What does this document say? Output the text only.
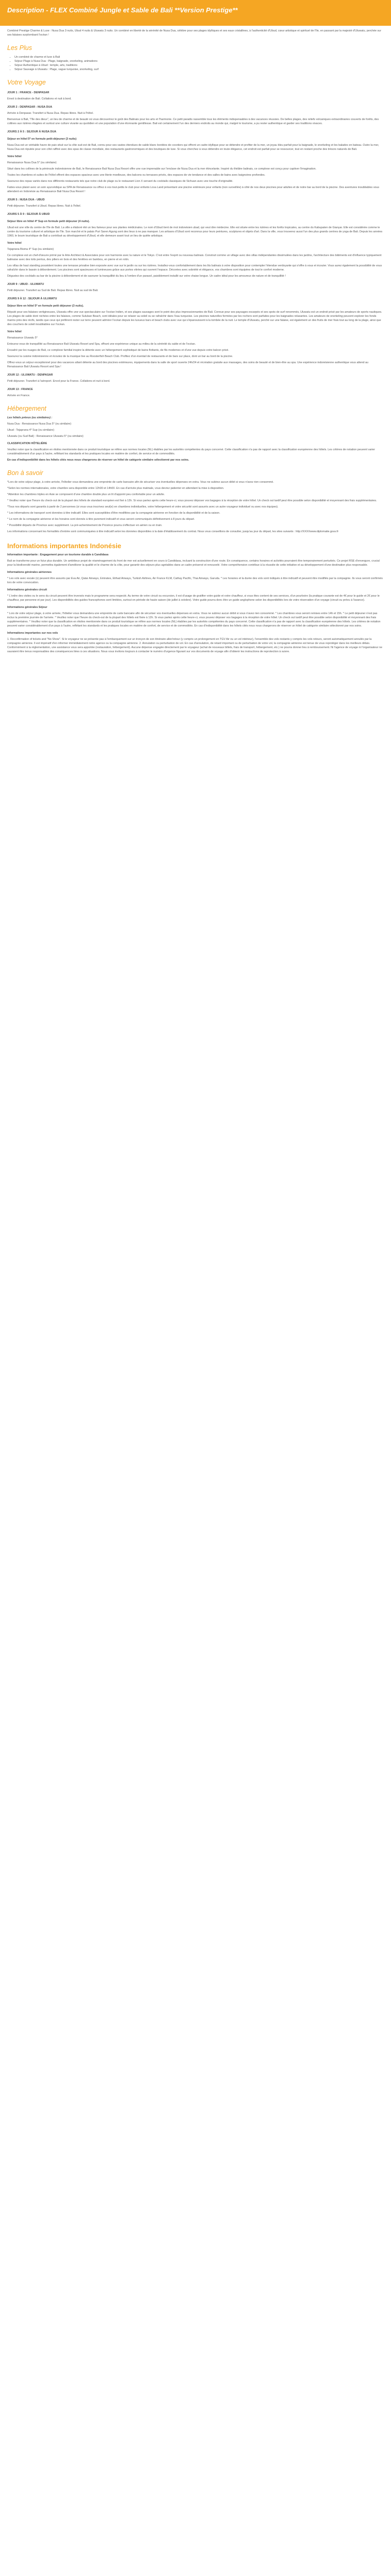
Description - FLEX Combiné Jungle et Sable de Bali **Version Prestige**

Combiné Prestige Charme & Luxe : Nusa Dua 3 nuits, Ubud 4 nuits & Uluwatu 3 nuits. Un combiné en liberté de la sérénité de Nusa Dua, célèbre pour ses plages idylliques et ses eaux cristallines, à l'authenticité d'Ubud, cœur artistique et spirituel de l'île, en passant par la majesté d'Uluwatu, perchée sur ses falaises surplombant l'océan !

Les Plus
• Un combiné de charme et luxe à Bali
• Séjour Plage à Nusa Dua : Plage, baignade, snorkeling, animations
• Séjour Authentique à Ubud : temple, arts, traditions
• Séjour Sauvage à Uluwatu : Plage, vague turquoise, snorkeling, surf
Votre Voyage

JOUR 1 : FRANCE - DENPASAR

Envol à destination de Bali. Collations et nuit à bord.

JOUR 2 : DENPASAR - NUSA DUA

Arrivée à Denpasar. Transfert à Nusa Dua. Repas libres. Nuit à l'hôtel.

Bienvenue à Bali, "l'île des dieux", un lieu de charme et de beauté où vous découvrirez le goût des Balinais pour les arts et l'harmonie. Ce petit paradis rassemble tous les éléments indispensables à des vacances réussies. De belles plages, des reliefs volcaniques extraordinaires couverts de forêts, des collines aux rizières étagées et surtout une culture vivante au quotidien et une population d'une étonnante gentillesse. Bali est certainement l'un des derniers endroits au monde qui, malgré le tourisme, a pu rester authentique et garder ses traditions vivaces.

JOURS 2 À 5 : SEJOUR À NUSA DUA

Séjour en hôtel 5* en formule petit-déjeuner (3 nuits)

Nusa Dua est un véritable havre de paix situé sur la côte sud-est de Bali, connu pour ses vastes étendues de sable blanc bordées de cocotiers qui offrent un cadre idyllique pour se détendre et profiter de la mer, un joyau bleu parfait pour la baignade, le snorkeling et les balades en bateau. Outre la mer, Nusa Dua est réputée pour son côté raffiné avec des spas de classe mondiale, des restaurants gastronomiques et des boutiques de luxe. Si vous cherchez à vous détendre en toute élégance, cet endroit est parfait pour se ressourcer, tout en restant proche des trésors naturels de Bali.

Votre hôtel

Renaissance Nusa Dua 5* (ou similaire)

Situé dans les collines de la péninsule indonésienne de Bali, le Renaissance Bali Nusa Dua Resort offre une vue imprenable sur l'enclave de Nusa Dua et la mer étincelante. Inspiré du théâtre balinais, ce complexe est conçu pour captiver l'imagination.

Toutes les chambres et suites de l'hôtel offrent des espaces spacieux avec une literie moelleuse, des balcons ou terrasses privés, des espaces de vie tendance et des salles de bains avec baignoires profondes.

Savourez des repas variés dans nos différents restaurants tels que notre club de plage ou le restaurant Lion X servant du cocktails classiques de Sichuan avec une touche d'originalité.

Faites-vous plaisir avec un soin ayurvédique au SPA de Renaissance ou offrez à vos tout-petits le club pour enfants Lova Land présentant une piscine extérieure pour enfants (non surveillée) à côté de nos deux piscines pour adultes et de notre bar au bord de la piscine. Des aventures inoubliables vous attendent en Indonésie au Renaissance Bali Nusa Dua Resort !

JOUR 5 : NUSA DUA - UBUD

Petit déjeuner. Transfert à Ubud. Repas libres. Nuit à l'hôtel.

JOURS 5 À 9 : SEJOUR À UBUD

Séjour libre en hôtel 4* Sup en formule petit déjeuner (4 nuits).

Ubud est une ville du centre de l'île de Bali. La ville a élaboré été un lieu fameux pour ses plantes médicinales. Le nom d'Ubud tient de mot indonésien ubad, qui veut dire médecine. Elle est située entre les rizières et les forêts tropicales, au centre du Kabupaten de Gianyar. Elle est considérée comme le centre du tourisme culturel et artistique de l'île. Son marché et le palais Puri Saren Agung sont des lieux à ne pas manquer. Les artisans d'Ubud sont reconnus pour leurs peintures, sculptures et objets d'art. Dans la ville, vous trouverez aussi l'un des plus grands centres de yoga de Bali. Depuis les années 1960, le boum touristique de Bali a contribué au développement d'Ubud, et elle demeure avant tout un lieu de quiète artistique.

Votre hôtel

Tejaprana Bisma 4* Sup (ou similaire)

Ce complexe est un chef-d'œuvre primé par le Arte Architect & Associates pour son harmonie avec la nature et le Tokyo. C'est entre l'esprit ou nouveau balinais. Construit comme un village avec des villas indépendantes dissimulées dans les jardins, l'architecture des bâtiments est d'influence typiquement balinaise avec des toits pentus, des piliers en bois et des fenêtres en bambou, en pierre et en rotin.

Les villas de haut standing possèdent toutes une terrasse privative bien exposée avec vue sur le jardin ou sur les rizières. Installez-vous confortablement dans les lits balinais à votre disposition pour contempler l'étendue verdoyante qui s'offre à vous et écouter. Vous aurez également la possibilité de vous rafraîchir dans le bassin à débordement. Les piscines sont spacieuses et lumineuses grâce aux portes vitrées qui ouvrent l'espace. Décorées avec sobriété et élégance, vos chambres sont équipées de tout le confort moderne.

Dégustez des cocktails au bar de la piscine à débordement et de savourer la tranquillité du lieu à l'ombre d'un parasol, paisiblement installé sur votre chaise longue. Un cadre idéal pour les amoureux de nature et de tranquillité !

JOUR 9 : UBUD - ULUWATU

Petit déjeuner. Transfert au Sud de Bali. Repas libres. Nuit au sud de Bali.

JOURS 9 À 12 : SEJOUR À ULUWATU

Séjour libre en hôtel 5* en formule petit déjeuner (3 nuits).

Réputé pour ses falaises vertigineuses, Uluwatu offre une vue spectaculaire sur l'océan Indien, et ses plages sauvages sont le point des plus impressionnantes de Bali. Connue pour ses paysages escarpés et ses spots de surf renommés, Uluwatu est un endroit prisé par les amateurs de sports nautiques. Les plages de sable doré nichées entre les falaises, comme Suluban Beach, sont idéales pour se relaxer au soleil ou se rafraîchir dans l'eau turquoise. Les piscines naturelles formées par les rochers sont parfaites pour les baignades relaxantes. Les amateurs de snorkeling peuvent explorer les fonds marins près des récifs, tandis que ceux qui préfèrent rester sur terre peuvent admirer l'océan depuis les luxueux bars et beach clubs avec vue qui s'épanouissent à la tombée de la nuit. Le temple d'Uluwatu, perché sur une falaise, est également un des fruits de mer frais tout au long de la plage, ainsi que des couchers de soleil inoubliables sur l'océan.

Votre hôtel

Renaissance Uluwatu 5*

Entourez-vous de tranquillité au Renaissance Bali Uluwatu Resort and Spa, offrant une expérience unique au milieu de la sérénité du sable et de l'océan.

Encadré par les nuages de Bali, ce complexe familial inspire la détente avec un hébergement sophistiqué de bains flottants, de fils modernes et d'une vue depuis votre balcon privé.

Savourez la cuisine indonésienne et écoutez de la musique live au Roosterfish Beach Club. Profitez d'un éventail de restaurants et de bars sur place, dont un bar au bord de la piscine.

Offrez-vous un séjour exceptionnel pour des vacances allant détente au bord des piscines extérieures, équipements dans la salle de sport ouverte 24h/24 et récréation gratuite aux massages, des soins de beauté et de bien-être au spa. Une expérience indonésienne authentique vous attend au Renaissance Bali Uluwatu Resort and Spa !

JOUR 12 : ULUWATU - DENPASAR

Petit déjeuner. Transfert à l'aéroport. Envol pour la France. Collations et nuit à bord.

JOUR 13 : FRANCE

Arrivée en France.

Hébergement

Les hôtels prévus (ou similaires) :

Nusa Dua : Renaissance Nusa Dua 5* (ou similaire)

Ubud : Tejaprana 4* Sup (ou similaire)

Uluwatu (ou Sud Bali) : Renaissance Uluwatu 5* (ou similaire)

CLASSIFICATION HÔTELIÈRE

Veuillez noter que la classification en étoiles mentionnée dans ce produit touristique se réfère aux normes locales (NL) établies par les autorités compétentes du pays concerné. Cette classification n'a pas de rapport avec la classification européenne des hôtels. Les critères de notation peuvent varier considérablement d'un pays à l'autre, reflétant les standards et les pratiques locales en matière de confort, de service et de commodités.

En cas d'indisponibilité dans les hôtels cités nous nous chargerons de réserver un hôtel de catégorie similaire sélectionné par nos soins.

Bon à savoir

*Lors de votre séjour plage, à votre arrivée, l'hôtelier vous demandera une empreinte de carte bancaire afin de sécuriser vos éventuelles dépenses en extra. Vous ne subirez aucun débit si vous n'avez rien consommé.

*Selon les normes internationales, votre chambre sera disponible entre 12h00 et 14h00. En cas d'arrivée plus matinale, vous devrez patienter en attendant la mise à disposition.

*Attention les chambres triples en Asie se composent d'une chambre double plus un lit d'appoint peu confortable pour un adulte.

* Veuillez noter que l'heure du check-out de la plupart des hôtels de standard européen est fixé à 12h. Si vous partez après cette heure-ci, vous pouvez déposer vos bagages à la réception de votre hôtel. Un check out tardif peut être possible selon disponibilité et moyennant des frais supplémentaires.

*Tous nos départs sont garantis à partir de 2 personnes (si vous vous inscrivez seul(e) en chambres individuelles, votre hébergement et votre sécurité sont assurés avec un autre voyageur individuel ou avec nos équipes).

* Les informations de transport sont données à titre indicatif. Elles sont susceptibles d'être modifiées par la compagnie aérienne en fonction de la disponibilité et de la saison.

* Le nom de la compagnie aérienne et les horaires sont donnés à titre purement indicatif et vous seront communiqués définitivement à 8 jours du départ.

* Possibilité départs de Province avec supplément. La pré-acheminement de Province pourra s'effectuer en aérien ou en train.

Les informations concernant les formalités d'entrée sont communiquées à titre indicatif selon les données disponibles à la date d'établissement du contrat. Nous vous conseillons de consulter, jusqu'au jour du départ, les sites suivants : http://XXXXwww.diplomatie.gouv.fr

Informations importantes Indonésie

Information importante : Engagement pour un tourisme durable à Candidasa

Bali se transforme pour un futur plus durable. Un ambitieux projet de réaménagement du front de mer est actuellement en cours à Candidasa, incluant la construction d'une route. En conséquence, certains horaires et activités pourraient être temporairement perturbés. Ce projet RSE d'envergure, crucial pour la biodiversité marine, permettra également d'améliorer la qualité et le charme de la côte, pour garantir des séjours plus agréables dans un cadre préservé et renouvelé. Votre compréhension contribue à la réussite de cette initiative et au développement d'une destination plus responsable.

Informations générales aériennes

* Les vols avec escale (s) peuvent être assurés par Eva Air, Qatar Airways, Emirates, Etihad Airways, Turkish Airlines, Air France KLM, Cathay Pacific, Thai Airways, Garuda. * Les horaires et la durée des vols sont indiqués à titre indicatif et peuvent être modifiés par la compagnie. Ils vous seront confirmés lors de votre convocation.

Informations générales circuit

* L'ordre des visites ou le sens du circuit peuvent être inversés mais le programme sera respecté. Au terme de votre circuit ou excursion, il est d'usage de gratifier votre guide et votre chauffeur, si vous êtes content de ses services, d'un pourboire (la pratique courante est de 4€ pour le guide et 2€ pour le chauffeur, par personne et par jour). Les disponibilités des guides francophones sont limitées, surtout en période de haute saison (de juillet à octobre). Votre guide pourra donc être un guide anglophone selon les disponibilités lors de votre réservation d'un voyage (circuit ou prévu à l'avance).

Informations générales Séjour

* Lors de votre séjour plage, à votre arrivée, l'hôtelier vous demandera une empreinte de carte bancaire afin de sécuriser vos éventuelles dépenses en extra. Vous ne subirez aucun débit si vous n'avez rien consommé. * Les chambres vous seront remises entre 14h et 15h. * Le petit déjeuner n'est pas inclus la première journée de l'arrivée. * Veuillez noter que l'heure du check-out de la plupart des hôtels est fixée à 12h. Si vous partez après cette heure-ci, vous pouvez déposer vos bagages à la réception de votre hôtel. Un check out tardif peut être possible selon disponibilité et moyennant des frais supplémentaires. * Veuillez noter que la classification en étoiles mentionnée dans ce produit touristique se réfère aux normes locales (NL) établies par les autorités compétentes du pays concerné. Cette classification n'a pas de rapport avec la classification européenne des hôtels. Les critères de notation peuvent varier considérablement d'un pays à l'autre, reflétant les standards et les pratiques locales en matière de confort, de service et de commodités. En cas d'indisponibilité dans les hôtels cités nous nous chargerons de réserver un hôtel de catégorie similaire sélectionné par nos soins.

Informations importantes sur nos vols

1. Reconfirmation of tickets and "No Show". Si le voyageur ne se présente pas à l'embarquement sur un tronçon de son itinéraire aller/retour (y compris un prolongement en TGV Air ou un vol intérieur), l'ensemble des vols restants y compris les vols retours, seront automatiquement annulés par la compagnie aérienne. Il est impératif d'en informer immédiatement notre agence ou la compagnie aérienne. 2. Annulation ou perturbation de vol. En cas d'annulation, de retard important ou de perturbation de votre vol, la compagnie aérienne est tenue de vous reprotéger dans les meilleurs délais. Conformément à la réglementation, une assistance vous sera apportée (restauration, hébergement). Aucune dépense engagée directement par le voyageur (achat de nouveaux billets, frais de transport, hébergement, etc.) ne pourra donner lieu à remboursement. Ni l'agence de voyage ni l'organisateur ne sauraient être tenus responsables des conséquences liées à ces situations. Nous vous invitons toujours à contacter le numéro d'urgence figurant sur vos documents de voyage afin d'obtenir les instructions de reprotection à suivre.
